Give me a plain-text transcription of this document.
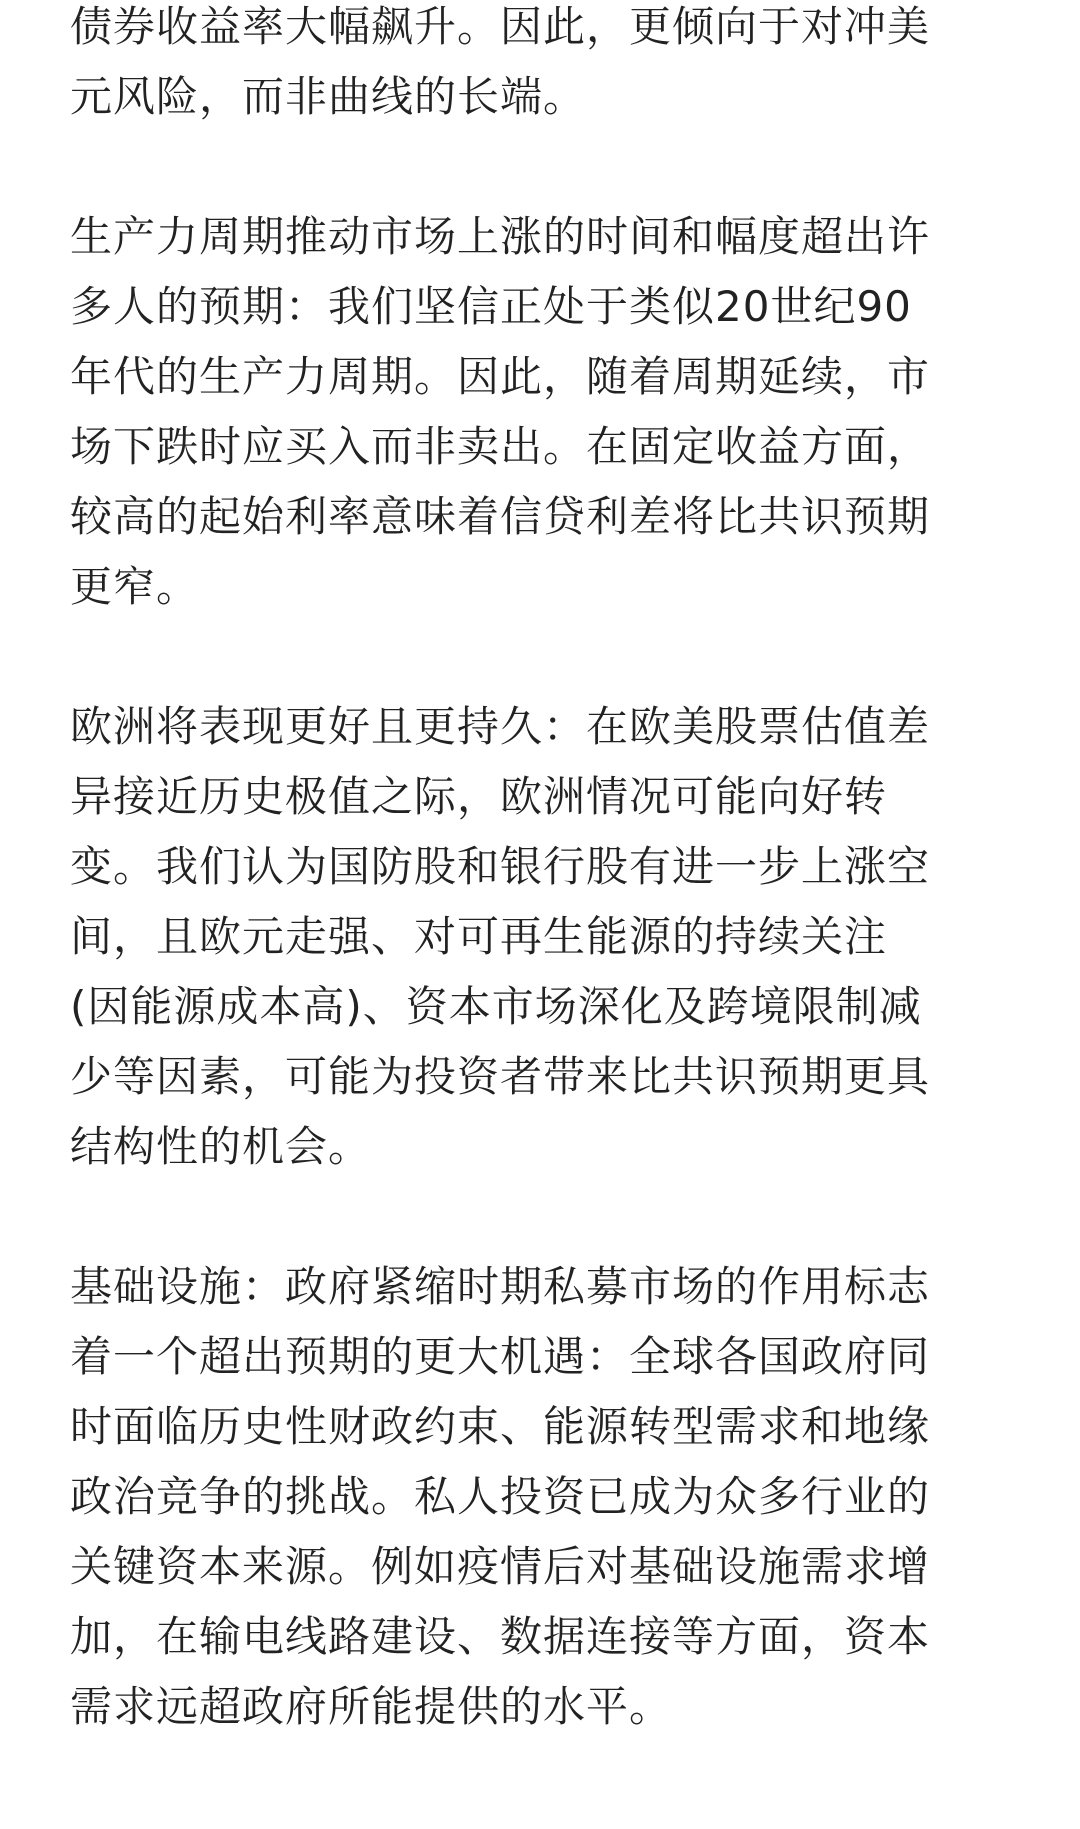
债券收益率大幅飙升。因此，更倾向于对冲美
元风险，而非曲线的长端。

生产力周期推动市场上涨的时间和幅度超出许
多人的预期：我们坚信正处于类似20世纪90
年代的生产力周期。因此，随着周期延续，市
场下跌时应买入而非卖出。在固定收益方面，
较高的起始利率意味着信贷利差将比共识预期
更窄。

欧洲将表现更好且更持久：在欧美股票估值差
异接近历史极值之际，欧洲情况可能向好转
变。我们认为国防股和银行股有进一步上涨空
间，且欧元走强、对可再生能源的持续关注
(因能源成本高)、资本市场深化及跨境限制减
少等因素，可能为投资者带来比共识预期更具
结构性的机会。

基础设施：政府紧缩时期私募市场的作用标志
着一个超出预期的更大机遇：全球各国政府同
时面临历史性财政约束、能源转型需求和地缘
政治竞争的挑战。私人投资已成为众多行业的
关键资本来源。例如疫情后对基础设施需求增
加，在输电线路建设、数据连接等方面，资本
需求远超政府所能提供的水平。
